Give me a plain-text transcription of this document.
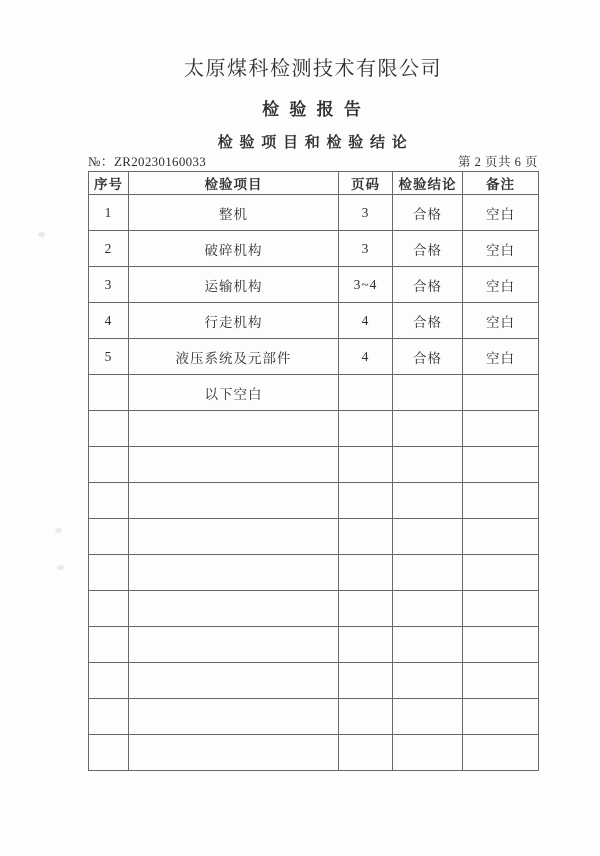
太原煤科检测技术有限公司
检 验 报 告
检 验 项 目 和 检 验 结 论
№：ZR20230160033	第 2 页共 6 页
序号	检验项目	页码	检验结论	备注
1	整机	3	合格	空白
2	破碎机构	3	合格	空白
3	运输机构	3~4	合格	空白
4	行走机构	4	合格	空白
5	液压系统及元部件	4	合格	空白
	以下空白			
